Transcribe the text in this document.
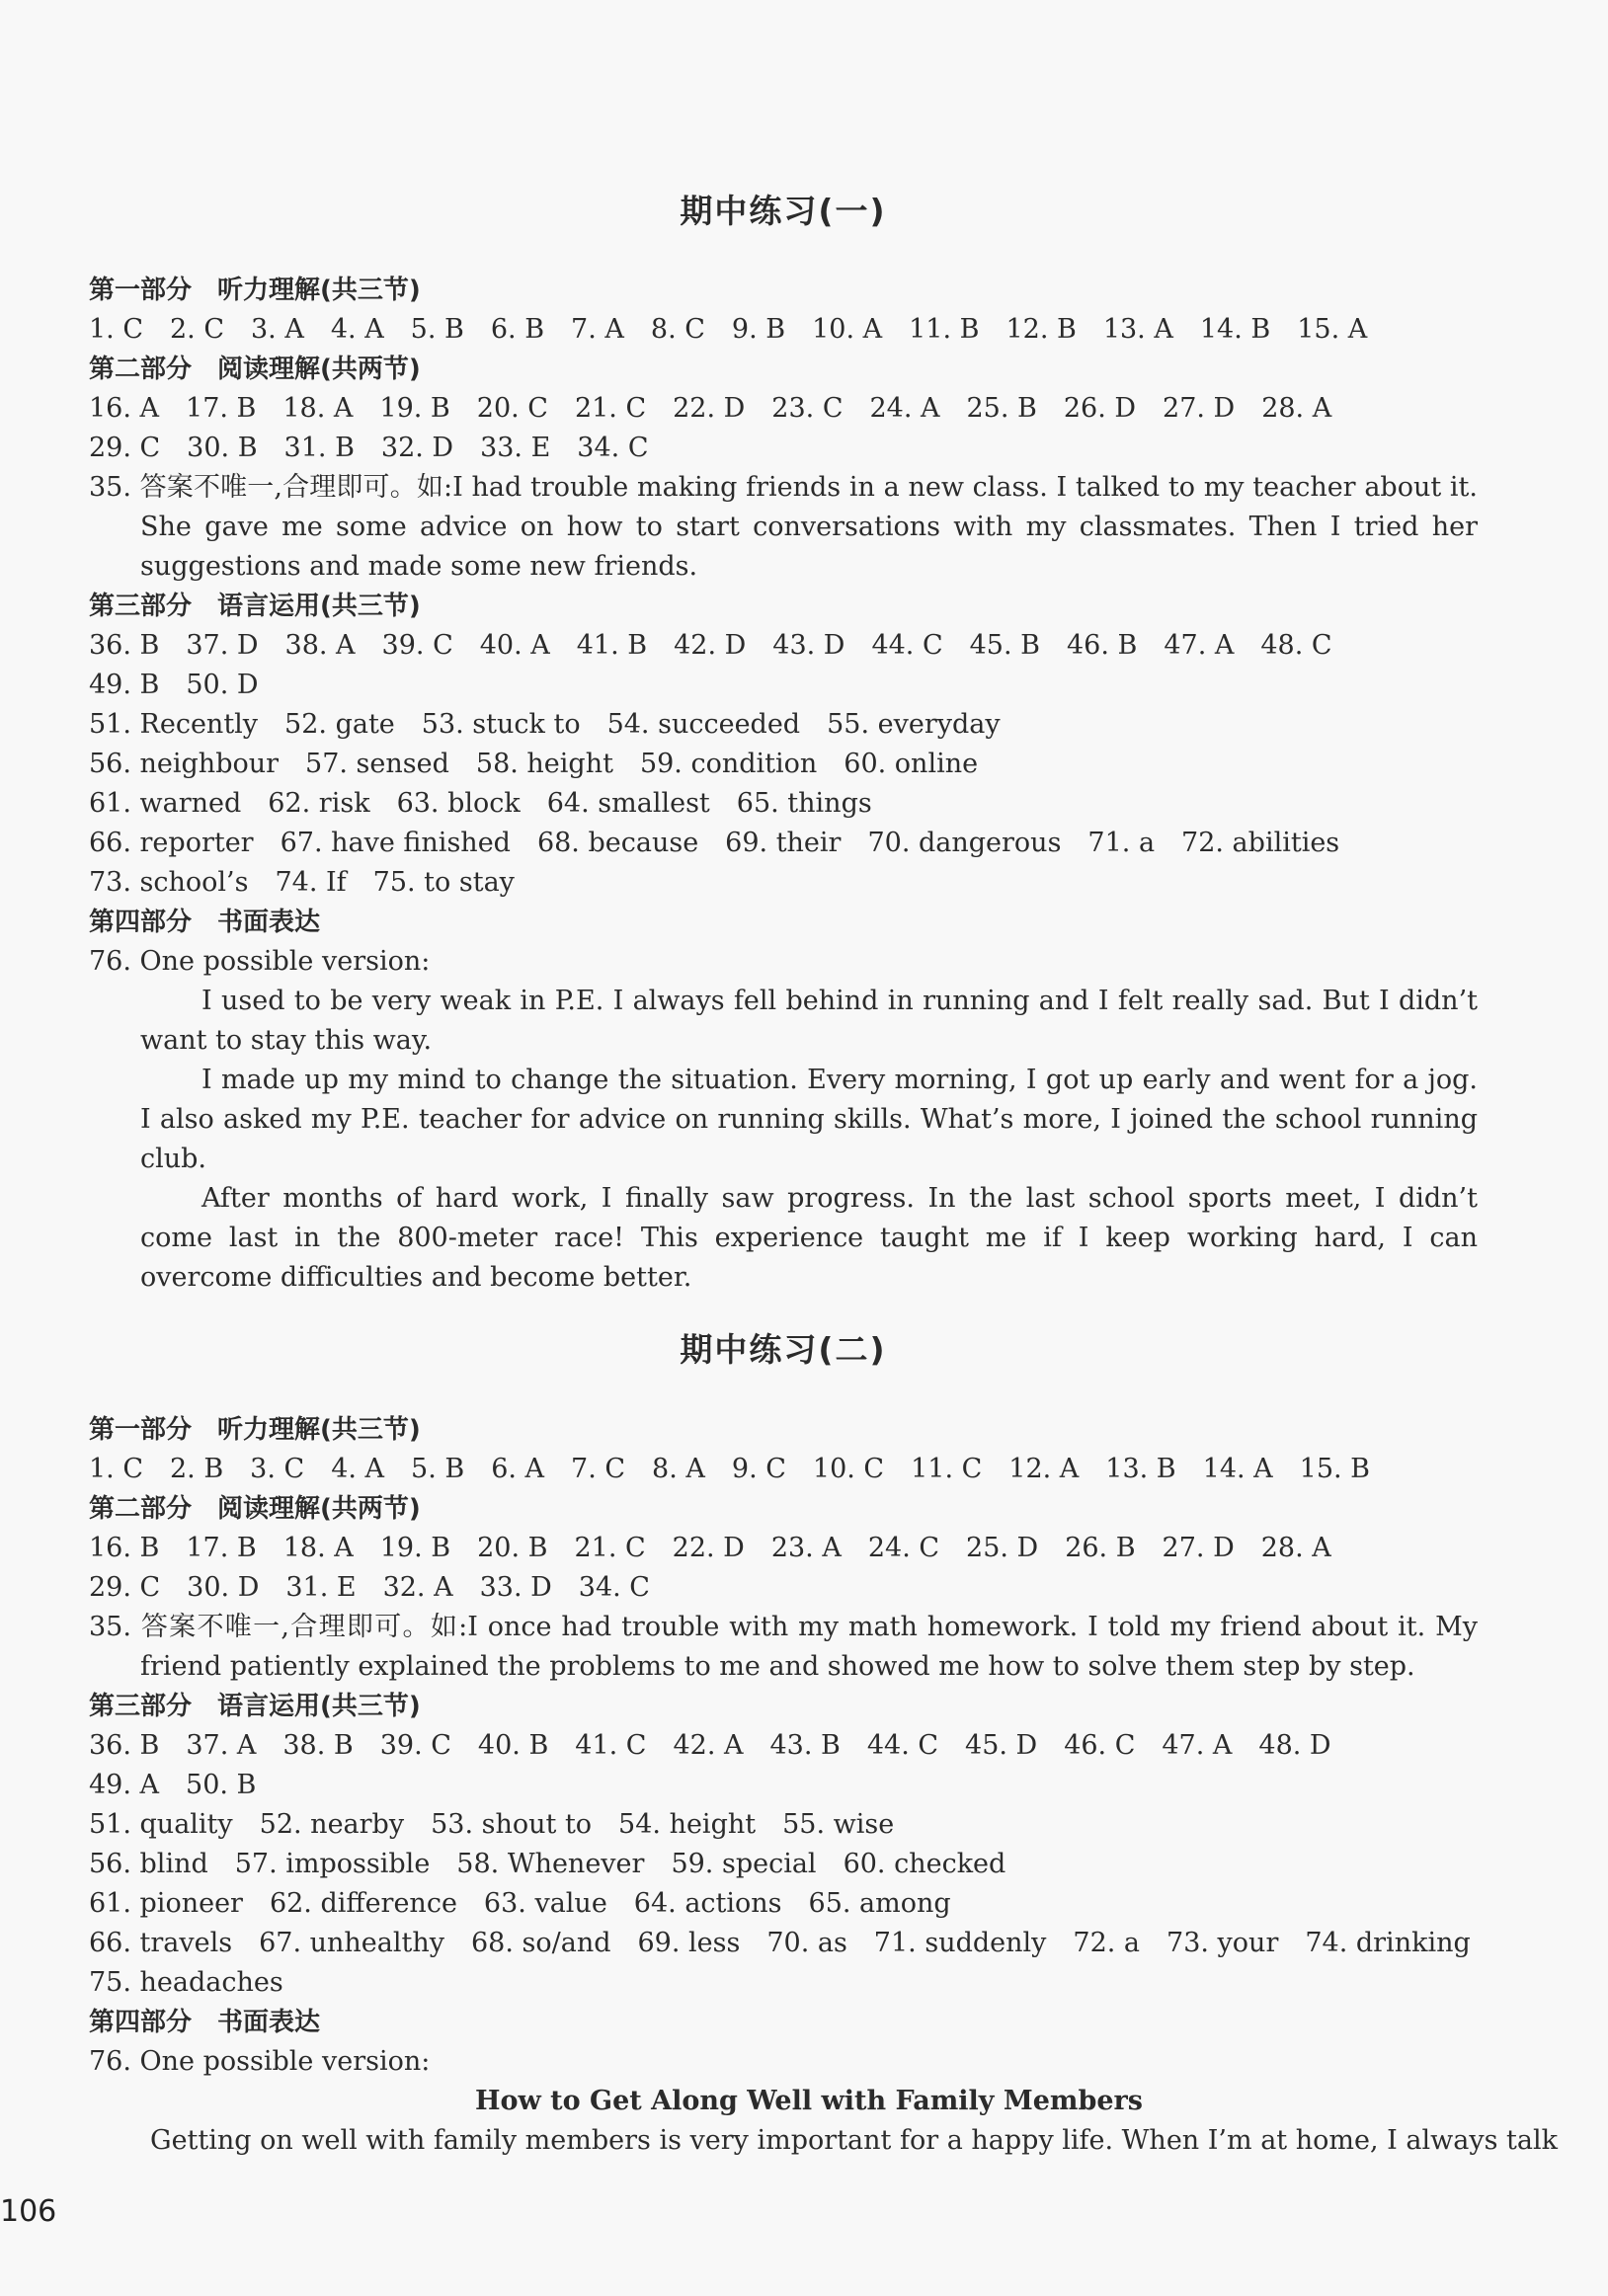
期中练习(一)
第一部分　听力理解(共三节)
1. C　2. C　3. A　4. A　5. B　6. B　7. A　8. C　9. B　10. A　11. B　12. B　13. A　14. B　15. A
第二部分　阅读理解(共两节)
16. A　17. B　18. A　19. B　20. C　21. C　22. D　23. C　24. A　25. B　26. D　27. D　28. A
29. C　30. B　31. B　32. D　33. E　34. C
35. 答案不唯一,合理即可。如:I had trouble making friends in a new class. I talked to my teacher about it. She gave me some advice on how to start conversations with my classmates. Then I tried her suggestions and made some new friends.
第三部分　语言运用(共三节)
36. B　37. D　38. A　39. C　40. A　41. B　42. D　43. D　44. C　45. B　46. B　47. A　48. C
49. B　50. D
51. Recently　52. gate　53. stuck to　54. succeeded　55. everyday
56. neighbour　57. sensed　58. height　59. condition　60. online
61. warned　62. risk　63. block　64. smallest　65. things
66. reporter　67. have finished　68. because　69. their　70. dangerous　71. a　72. abilities
73. school’s　74. If　75. to stay
第四部分　书面表达
76. One possible version:

I used to be very weak in P.E. I always fell behind in running and I felt really sad. But I didn’t want to stay this way.

I made up my mind to change the situation. Every morning, I got up early and went for a jog. I also asked my P.E. teacher for advice on running skills. What’s more, I joined the school running club.

After months of hard work, I finally saw progress. In the last school sports meet, I didn’t come last in the 800-meter race! This experience taught me if I keep working hard, I can overcome difficulties and become better.

期中练习(二)
第一部分　听力理解(共三节)
1. C　2. B　3. C　4. A　5. B　6. A　7. C　8. A　9. C　10. C　11. C　12. A　13. B　14. A　15. B
第二部分　阅读理解(共两节)
16. B　17. B　18. A　19. B　20. B　21. C　22. D　23. A　24. C　25. D　26. B　27. D　28. A
29. C　30. D　31. E　32. A　33. D　34. C
35. 答案不唯一,合理即可。如:I once had trouble with my math homework. I told my friend about it. My friend patiently explained the problems to me and showed me how to solve them step by step.
第三部分　语言运用(共三节)
36. B　37. A　38. B　39. C　40. B　41. C　42. A　43. B　44. C　45. D　46. C　47. A　48. D
49. A　50. B
51. quality　52. nearby　53. shout to　54. height　55. wise
56. blind　57. impossible　58. Whenever　59. special　60. checked
61. pioneer　62. difference　63. value　64. actions　65. among
66. travels　67. unhealthy　68. so/and　69. less　70. as　71. suddenly　72. a　73. your　74. drinking
75. headaches
第四部分　书面表达
76. One possible version:
How to Get Along Well with Family Members
Getting on well with family members is very important for a happy life. When I’m at home, I always talk
106
